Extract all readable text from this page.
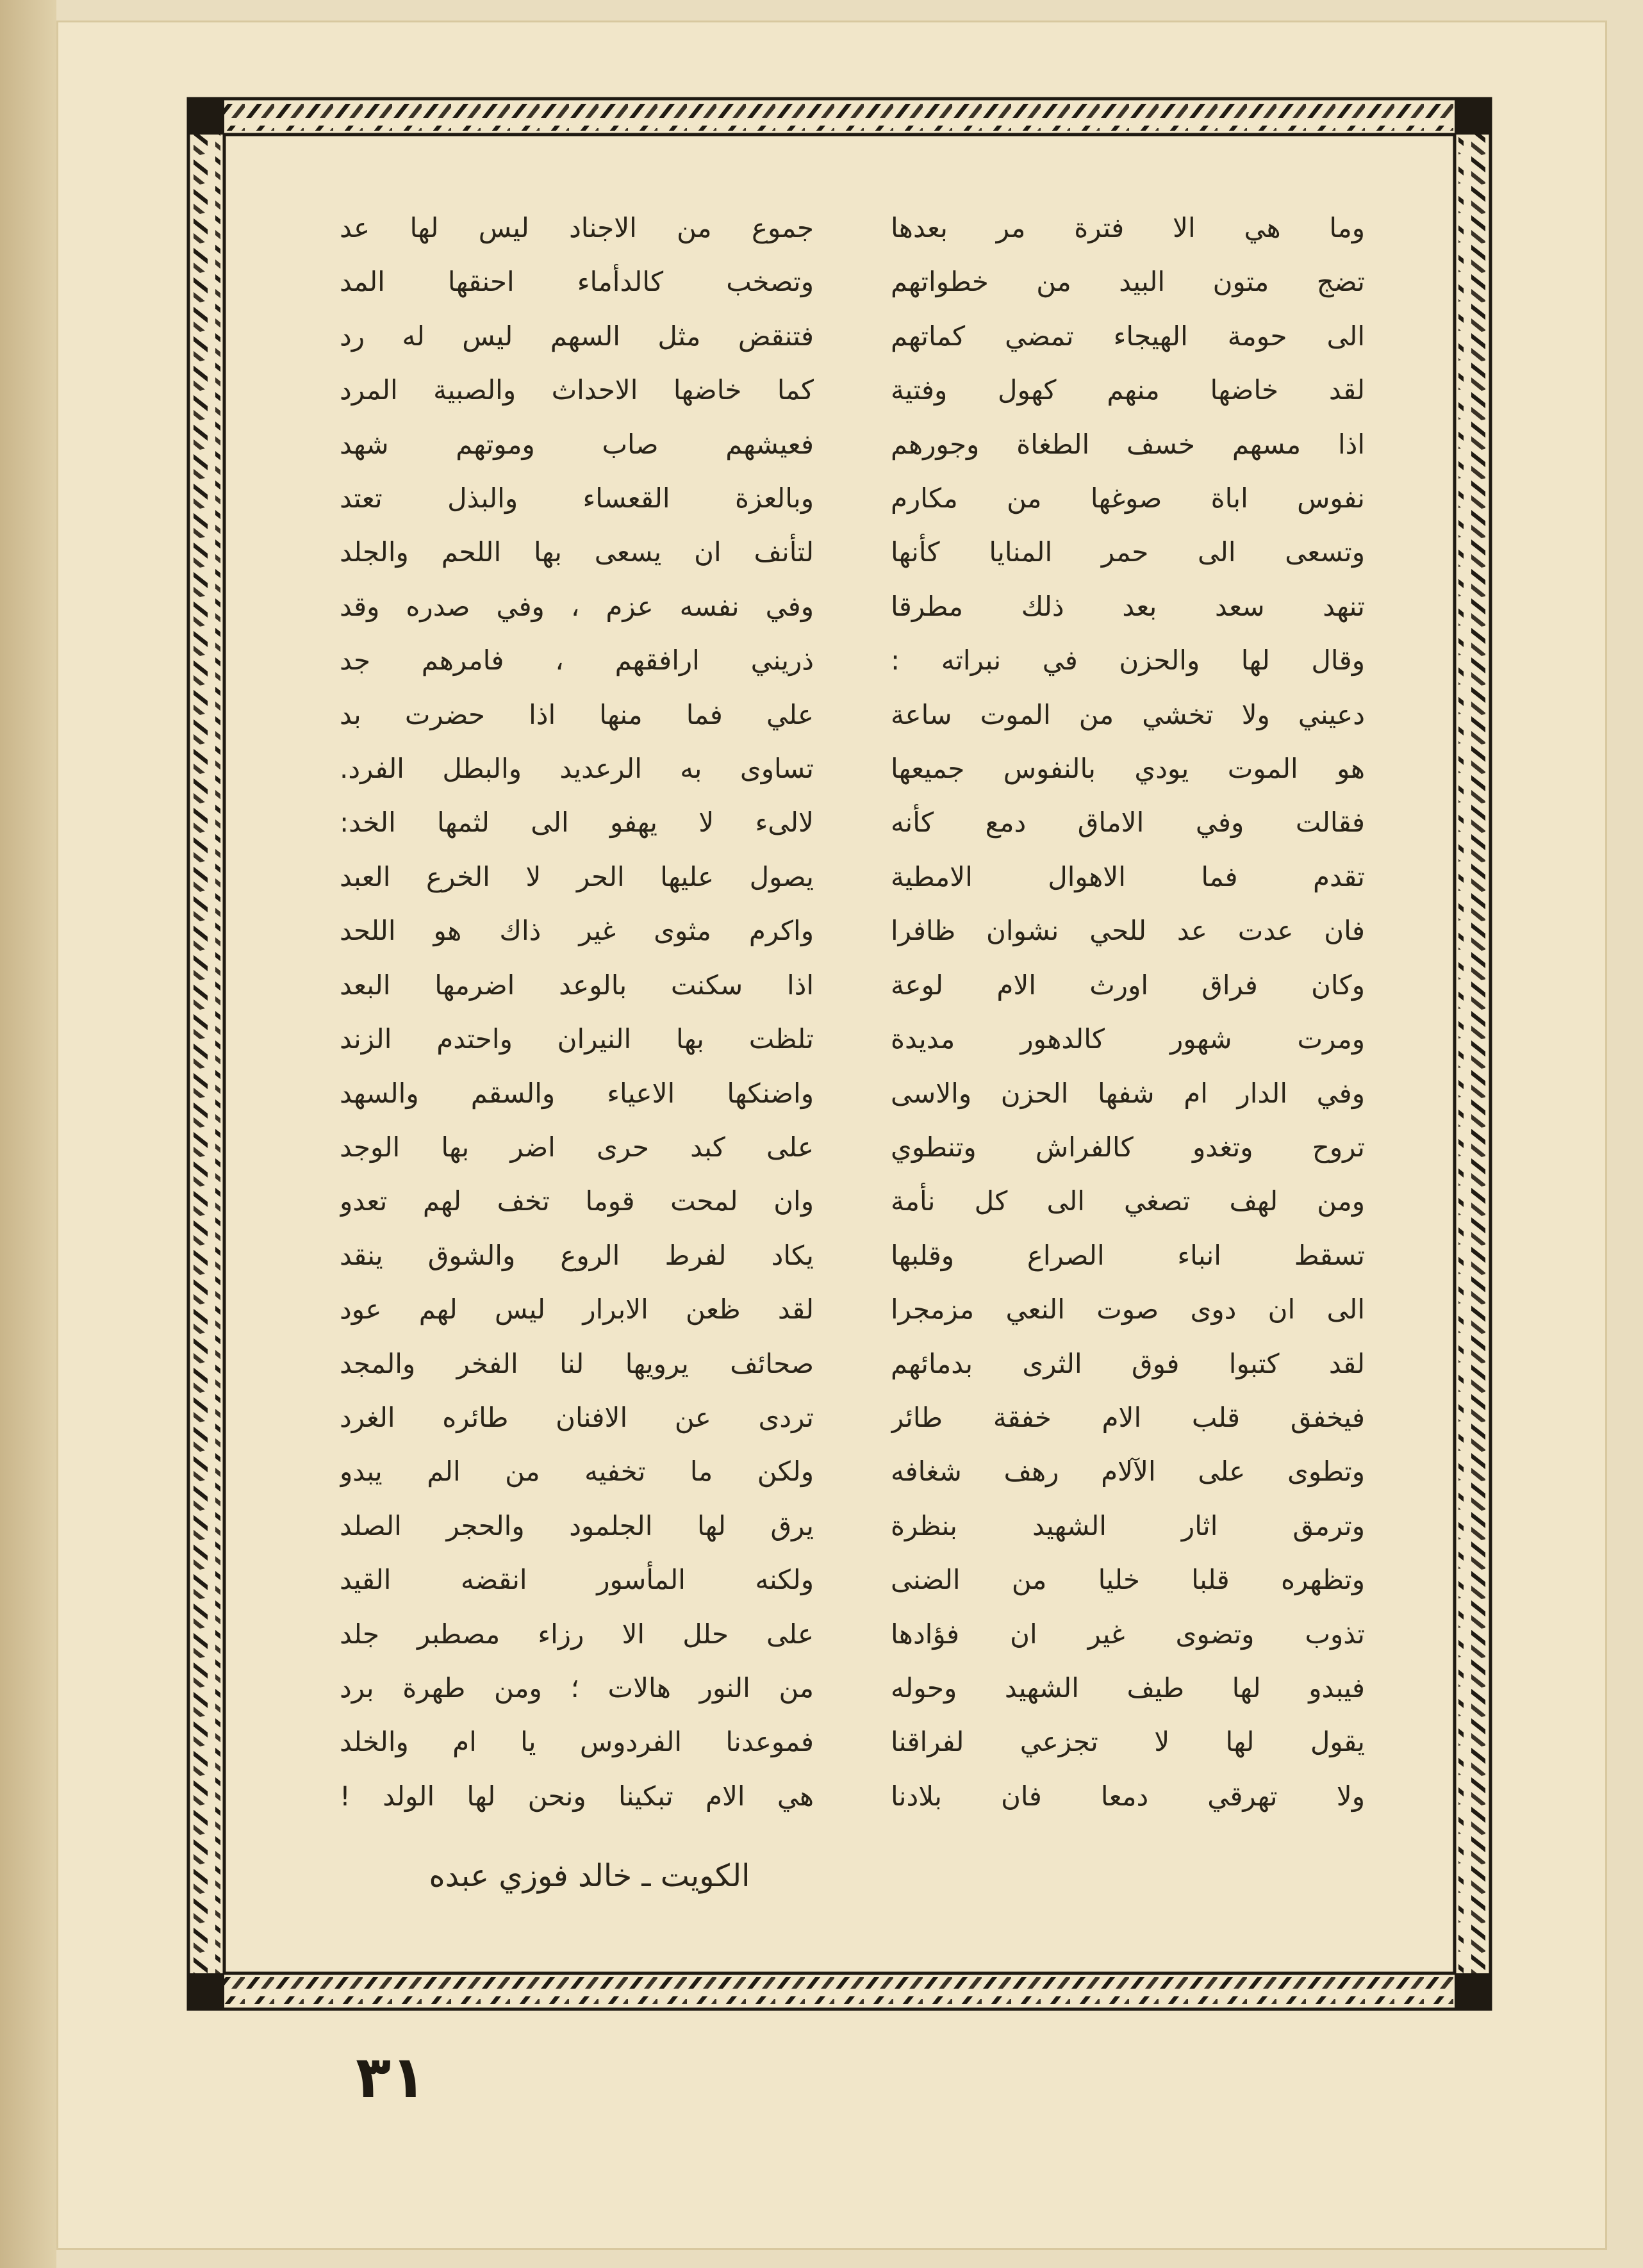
وما هي الا فترة مر بعدها
تضج متون البيد من خطواتهم
الى حومة الهيجاء تمضي كماتهم
لقد خاضها منهم كهول وفتية
اذا مسهم خسف الطغاة وجورهم
نفوس اباة صوغها من مكارم
وتسعى الى حمر المنايا كأنها
تنهد سعد بعد ذلك مطرقا
وقال لها والحزن في نبراته :
دعيني ولا تخشي من الموت ساعة
هو الموت يودي بالنفوس جميعها
فقالت وفي الاماق دمع كأنه
تقدم فما الاهوال الامطية
فان عدت عد للحي نشوان ظافرا
وكان فراق اورث الام لوعة
ومرت شهور كالدهور مديدة
وفي الدار ام شفها الحزن والاسى
تروح وتغدو كالفراش وتنطوي
ومن لهف تصغي الى كل نأمة
تسقط انباء الصراع وقلبها
الى ان دوى صوت النعي مزمجرا
لقد كتبوا فوق الثرى بدمائهم
فيخفق قلب الام خفقة طائر
وتطوى على الآلام رهف شغافه
وترمق اثار الشهيد بنظرة
وتظهره قلبا خليا من الضنى
تذوب وتضوى غير ان فؤادها
فيبدو لها طيف الشهيد وحوله
يقول لها لا تجزعي لفراقنا
ولا تهرقي دمعا فان بلادنا
جموع من الاجناد ليس لها عد
وتصخب كالدأماء احنقها المد
فتنقض مثل السهم ليس له رد
كما خاضها الاحداث والصبية المرد
فعيشهم صاب وموتهم شهد
وبالعزة القعساء والبذل تعتد
لتأنف ان يسعى بها اللحم والجلد
وفي نفسه عزم ، وفي صدره وقد
ذريني ارافقهم ، فامرهم جد
علي فما منها اذا حضرت بد
تساوى به الرعديد والبطل الفرد.
لالىء لا يهفو الى لثمها الخد:
يصول عليها الحر لا الخرع العبد
واكرم مثوى غير ذاك هو اللحد
اذا سكنت بالوعد اضرمها البعد
تلظت بها النيران واحتدم الزند
واضنكها الاعياء والسقم والسهد
على كبد حرى اضر بها الوجد
وان لمحت قوما تخف لهم تعدو
يكاد لفرط الروع والشوق ينقد
لقد ظعن الابرار ليس لهم عود
صحائف يرويها لنا الفخر والمجد
تردى عن الافنان طائره الغرد
ولكن ما تخفيه من الم يبدو
يرق لها الجلمود والحجر الصلد
ولكنه المأسور انقضه القيد
على حلل الا رزاء مصطبر جلد
من النور هالات ؛ ومن طهرة برد
فموعدنا الفردوس يا ام والخلد
هي الام تبكينا ونحن لها الولد !
الكويت ـ خالد فوزي عبده
٣١
